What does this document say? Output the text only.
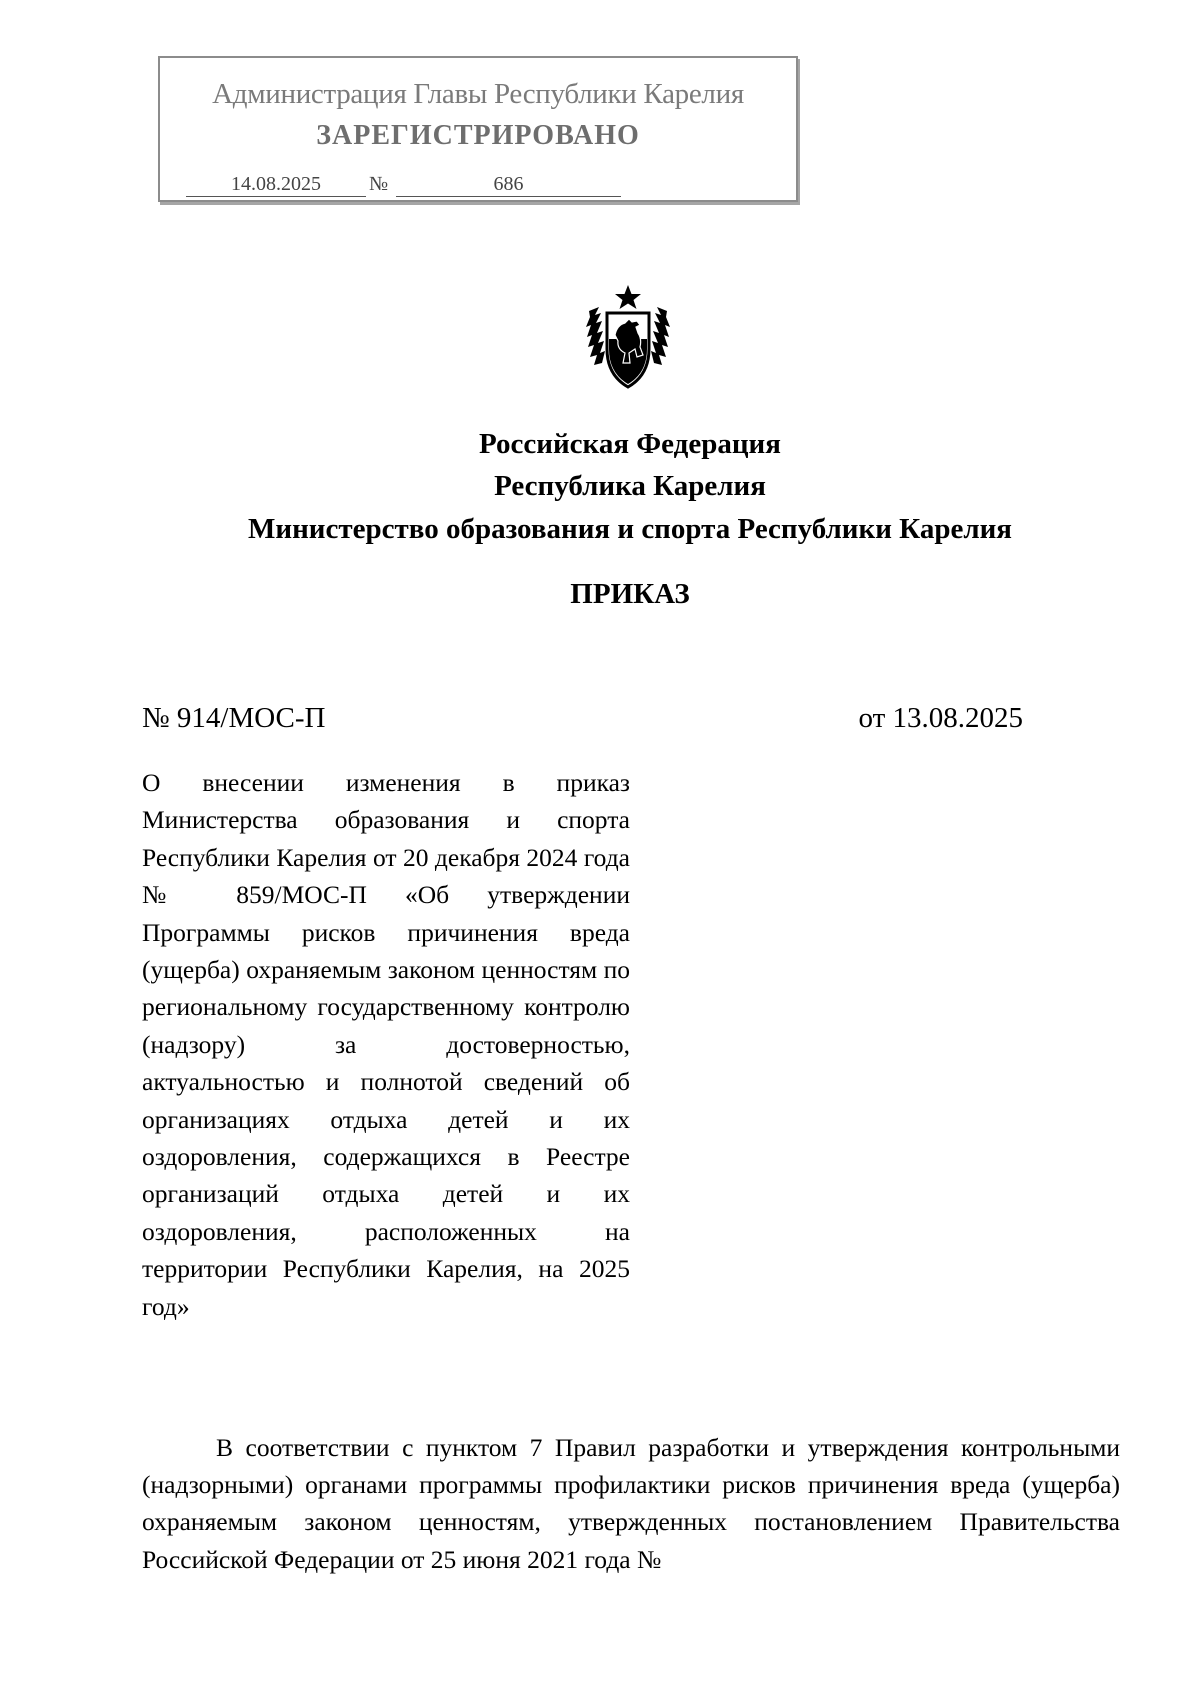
Администрация Главы Республики Карелия
ЗАРЕГИСТРИРОВАНО
14.08.2025	№	686
Российская Федерация
Республика Карелия
Министерство образования и спорта Республики Карелия
ПРИКАЗ
№ 914/МОС-П	от 13.08.2025
О внесении изменения в приказ Министерства образования и спорта Республики Карелия от 20 декабря 2024 года № 859/МОС-П «Об утверждении Программы рисков причинения вреда (ущерба) охраняемым законом ценностям по региональному государственному контролю (надзору) за достоверностью, актуальностью и полнотой сведений об организациях отдыха детей и их оздоровления, содержащихся в Реестре организаций отдыха детей и их оздоровления, расположенных на территории Республики Карелия, на 2025 год»
В соответствии с пунктом 7 Правил разработки и утверждения контрольными (надзорными) органами программы профилактики рисков причинения вреда (ущерба) охраняемым законом ценностям, утвержденных постановлением Правительства Российской Федерации от 25 июня 2021 года №
